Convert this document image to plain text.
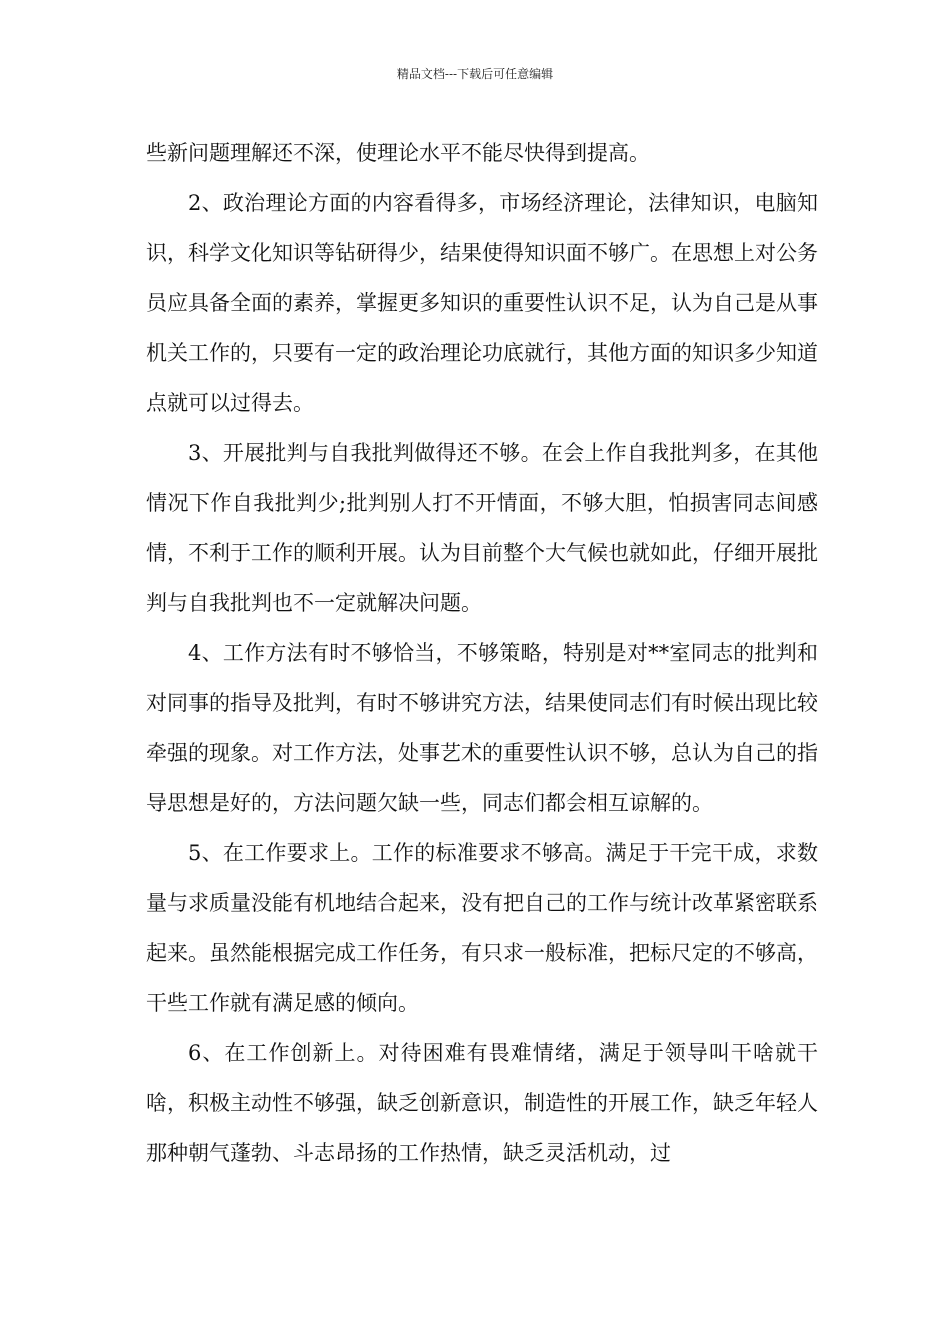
精品文档---下载后可任意编辑

些新问题理解还不深，使理论水平不能尽快得到提高。

2、政治理论方面的内容看得多，市场经济理论，法律知识，电脑知识，科学文化知识等钻研得少，结果使得知识面不够广。在思想上对公务员应具备全面的素养，掌握更多知识的重要性认识不足，认为自己是从事机关工作的，只要有一定的政治理论功底就行，其他方面的知识多少知道点就可以过得去。

3、开展批判与自我批判做得还不够。在会上作自我批判多，在其他情况下作自我批判少;批判别人打不开情面，不够大胆，怕损害同志间感情，不利于工作的顺利开展。认为目前整个大气候也就如此，仔细开展批判与自我批判也不一定就解决问题。

4、工作方法有时不够恰当，不够策略，特别是对**室同志的批判和对同事的指导及批判，有时不够讲究方法，结果使同志们有时候出现比较牵强的现象。对工作方法，处事艺术的重要性认识不够，总认为自己的指导思想是好的，方法问题欠缺一些，同志们都会相互谅解的。

5、在工作要求上。工作的标准要求不够高。满足于干完干成，求数量与求质量没能有机地结合起来，没有把自己的工作与统计改革紧密联系起来。虽然能根据完成工作任务，有只求一般标准，把标尺定的不够高，干些工作就有满足感的倾向。

6、在工作创新上。对待困难有畏难情绪，满足于领导叫干啥就干啥，积极主动性不够强，缺乏创新意识，制造性的开展工作，缺乏年轻人那种朝气蓬勃、斗志昂扬的工作热情，缺乏灵活机动，过
